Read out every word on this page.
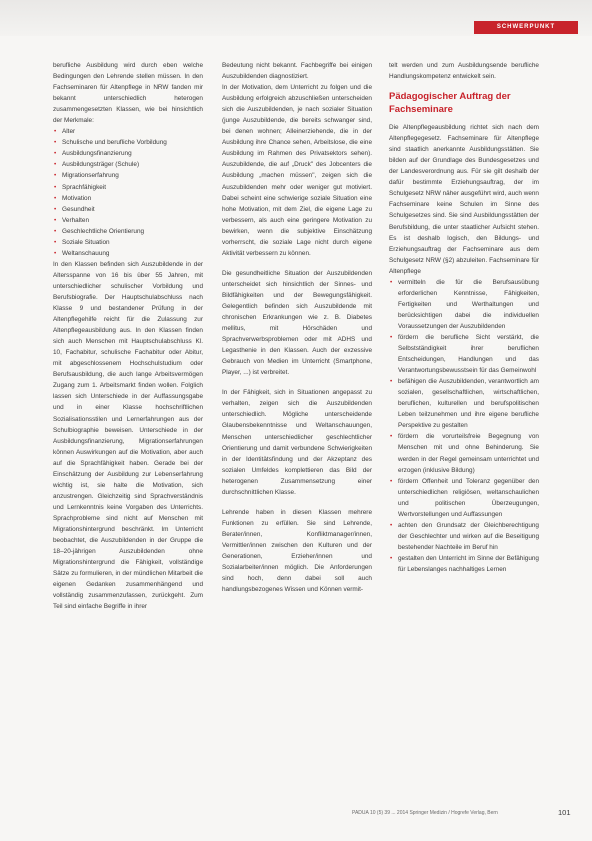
SCHWERPUNKT

berufliche Ausbildung wird durch eben welche Bedingungen den Lehrende stellen müssen. In den Fachseminaren für Altenpflege in NRW fanden mir bekannt unterschiedlich heterogen zusammengesetzten Klassen, wie bei hinsichtlich der Merkmale:

• Alter
• Schulische und berufliche Vorbildung
• Ausbildungsfinanzierung
• Ausbildungsträger (Schule)
• Migrationserfahrung
• Sprachfähigkeit
• Motivation
• Gesundheit
• Verhalten
• Geschlechtliche Orientierung
• Soziale Situation
• Weltanschauung

In den Klassen befinden sich Auszubildende in der Altersspanne von 16 bis über 55 Jahren, mit unterschiedlicher schulischer Vorbildung und Berufsbiografie. Der Hauptschulabschluss nach Klasse 9 und bestandener Prüfung in der Altenpflegehilfe reicht für die Zulassung zur Altenpflegeausbildung aus. In den Klassen finden sich auch Menschen mit Hauptschulabschluss Kl. 10, Fachabitur, schulische Fachabitur oder Abitur, mit abgeschlossenem Hochschulstudium oder Berufsausbildung, die auch lange Arbeitsvermögen Zugang zum 1. Arbeitsmarkt finden wollen. Folglich lassen sich Unterschiede in der Auffassungsgabe und in einer Klasse hochschriftlichen Sozialisationsstilen und Lernerfahrungen aus der Schulbiographie beweisen. Unterschiede in der Ausbildungsfinanzierung, Migrationserfahrungen können Auswirkungen auf die Motivation, aber auch auf die Sprachfähigkeit haben. Gerade bei der Einschätzung der Ausbildung zur Lebenserfahrung wichtig ist, sie halte die Motivation, sich anzustrengen. Gleichzeitig sind Sprachverständnis und Lernkenntnis keine Vorgaben des Unterrichts. Sprachprobleme sind nicht auf Menschen mit Migrationshintergrund beschränkt. Im Unterricht beobachtet, die Auszubildenden in der Gruppe die 18–20-jährigen Auszubildenden ohne Migrationshintergrund die Fähigkeit, vollständige Sätze zu formulieren, in der mündlichen Mitarbeit die eigenen Gedanken zusammenhängend und vollständig zusammenzufassen, zurückgeht. Zum Teil sind einfache Begriffe in ihrer

Bedeutung nicht bekannt. Fachbegriffe bei einigen Auszubildenden diagnostiziert.

In der Motivation, dem Unterricht zu folgen und die Ausbildung erfolgreich abzuschließen unterscheiden sich die Auszubildenden, je nach sozialer Situation (junge Auszubildende, die bereits schwanger sind, bei denen wohnen; Alleinerziehende, die in der Ausbildung ihre Chance sehen, Arbeitslose, die eine Ausbildung im Rahmen des Privatsektors sehen). Auszubildende, die auf „Druck" des Jobcenters die Ausbildung „machen müssen", zeigen sich die Auszubildenden mehr oder weniger gut motiviert. Dabei scheint eine schwierige soziale Situation eine hohe Motivation, mit dem Ziel, die eigene Lage zu verbessern, als auch eine geringere Motivation zu bewirken, wenn die subjektive Einschätzung vorherrscht, die soziale Lage nicht durch eigene Aktivität verbessern zu können.

Die gesundheitliche Situation der Auszubildenden unterscheidet sich hinsichtlich der Sinnes- und Bildfähigkeiten und der Bewegungsfähigkeit. Gelegentlich befinden sich Auszubildende mit chronischen Erkrankungen wie z. B. Diabetes mellitus, mit Hörschäden und Sprachverwerbsproblemen oder mit ADHS und Legasthenie in den Klassen. Auch der exzessive Gebrauch von Medien im Unterricht (Smartphone, Player, ...) ist verbreitet.

In der Fähigkeit, sich in Situationen angepasst zu verhalten, zeigen sich die Auszubildenden unterschiedlich. Mögliche unterscheidende Glaubensbekenntnisse und Weltanschauungen, Menschen unterschiedlicher geschlechtlicher Orientierung und damit verbundene Schwierigkeiten in der Identitätsfindung und der Akzeptanz des sozialen Umfeldes komplettieren das Bild der heterogenen Zusammensetzung einer durchschnittlichen Klasse.

Lehrende haben in diesen Klassen mehrere Funktionen zu erfüllen. Sie sind Lehrende, Berater/innen, Konfliktmanager/innen, Vermittler/innen zwischen den Kulturen und der Generationen, Erzieher/innen und Sozialarbeiter/innen möglich. Die Anforderungen sind hoch, denn dabei soll auch handlungsbezogenes Wissen und Können vermit-

telt werden und zum Ausbildungsende berufliche Handlungskompetenz entwickelt sein.

Pädagogischer Auftrag der Fachseminare

Die Altenpflegeausbildung richtet sich nach dem Altenpflegegesetz. Fachseminare für Altenpflege sind staatlich anerkannte Ausbildungsstätten. Sie bilden auf der Grundlage des Bundesgesetzes und der Landesverordnung aus. Für sie gilt deshalb der dafür bestimmte Erziehungsauftrag, der im Schulgesetz NRW näher ausgeführt wird, auch wenn Fachseminare keine Schulen im Sinne des Schulgesetzes sind. Sie sind Ausbildungsstätten der Berufsbildung, die unter staatlicher Aufsicht stehen. Es ist deshalb logisch, den Bildungs- und Erziehungsauftrag der Fachseminare aus dem Schulgesetz NRW (§2) abzuleiten. Fachseminare für Altenpflege

• vermitteln die für die Berufsausübung erforderlichen Kenntnisse, Fähigkeiten, Fertigkeiten und Werthaltungen und berücksichtigen dabei die individuellen Voraussetzungen der Auszubildenden
• fördern die berufliche Sicht verstärkt, die Selbstständigkeit ihrer beruflichen Entscheidungen, Handlungen und das Verantwortungsbewusstsein für das Gemeinwohl
• befähigen die Auszubildenden, verantwortlich am sozialen, gesellschaftlichen, wirtschaftlichen, beruflichen, kulturellen und berufspolitischen Leben teilzunehmen und ihre eigene berufliche Perspektive zu gestalten
• fördern die vorurteilsfreie Begegnung von Menschen mit und ohne Behinderung. Sie werden in der Regel gemeinsam unterrichtet und erzogen (inklusive Bildung)
• fördern Offenheit und Toleranz gegenüber den unterschiedlichen religiösen, weltanschaulichen und politischen Überzeugungen, Wertvorstellungen und Auffassungen
• achten den Grundsatz der Gleichberechtigung der Geschlechter und wirken auf die Beseitigung bestehender Nachteile im Beruf hin
• gestalten den Unterricht im Sinne der Befähigung für Lebenslanges nachhaltiges Lernen
PADUA 10 (5) 39 ... 2014 Springer Medizin / Hogrefe Verlag, Bern	101
